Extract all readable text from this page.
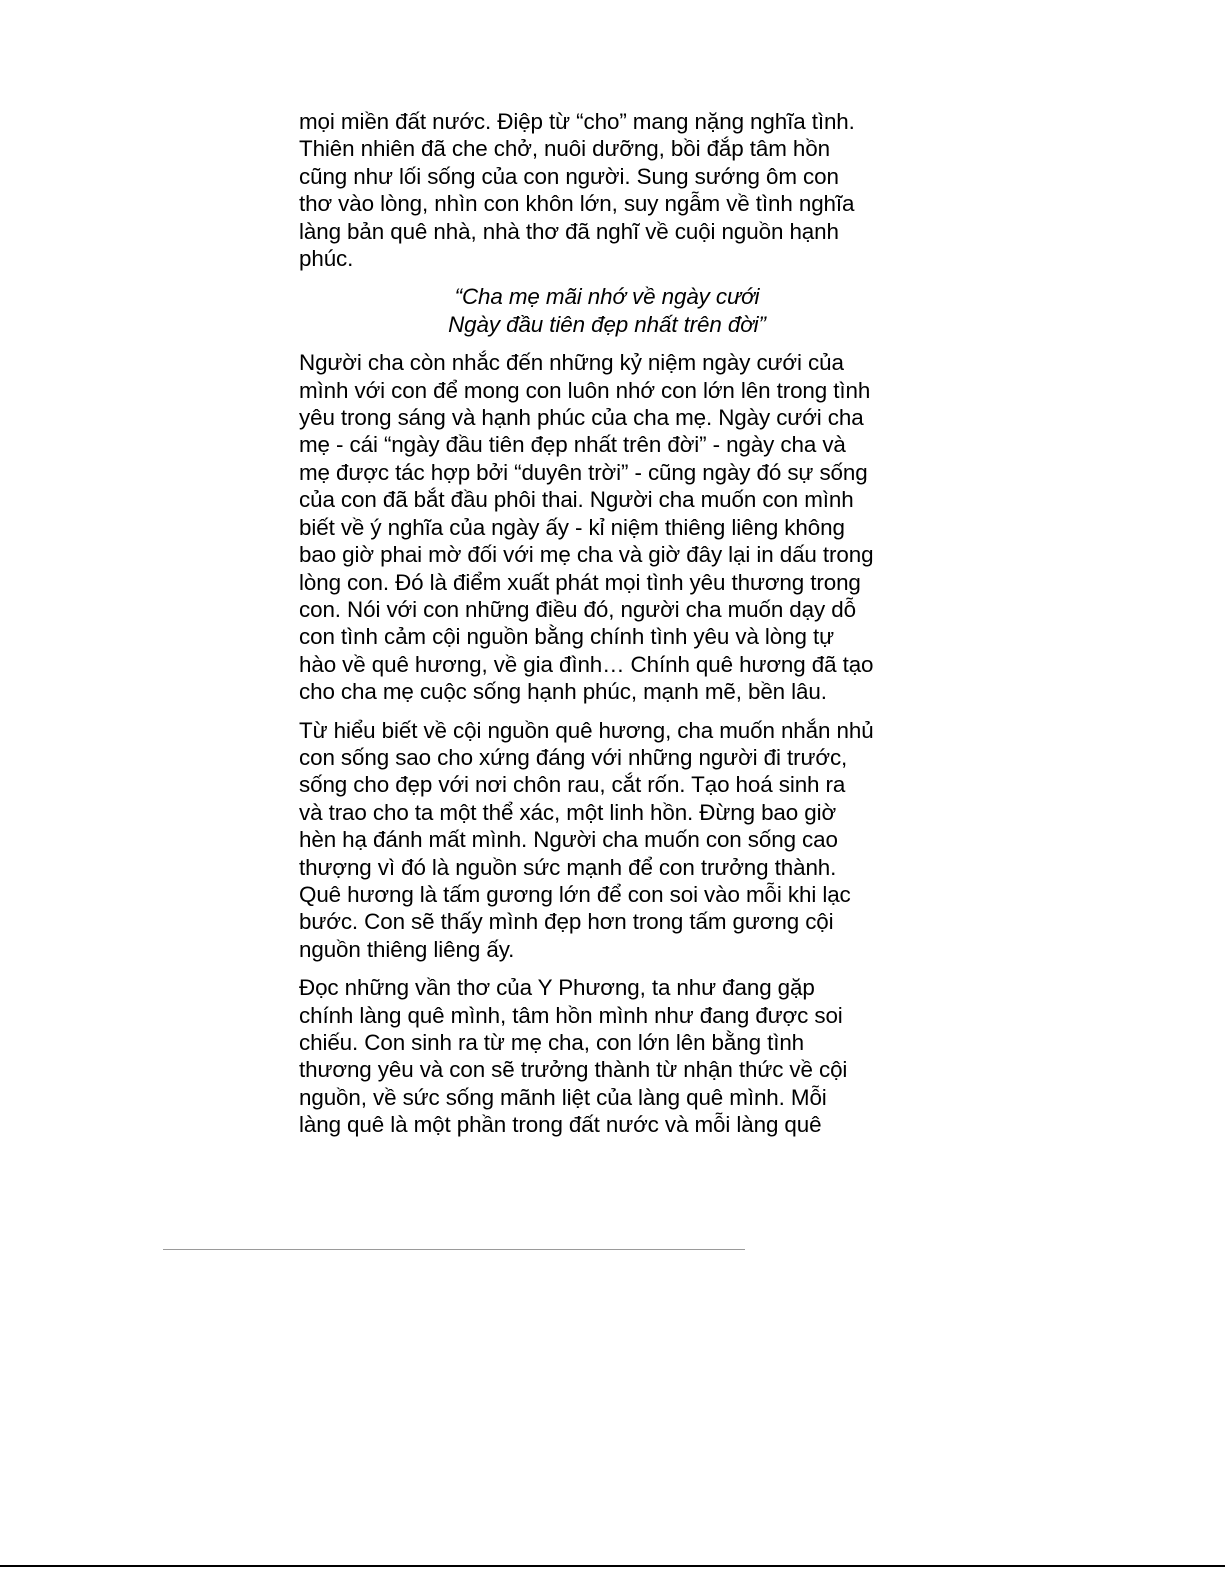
mọi miền đất nước. Điệp từ “cho” mang nặng nghĩa tình.
Thiên nhiên đã che chở, nuôi dưỡng, bồi đắp tâm hồn
cũng như lối sống của con người. Sung sướng ôm con
thơ vào lòng, nhìn con khôn lớn, suy ngẫm về tình nghĩa
làng bản quê nhà, nhà thơ đã nghĩ về cuội nguồn hạnh
phúc.

“Cha mẹ mãi nhớ về ngày cưới
Ngày đầu tiên đẹp nhất trên đời”

Người cha còn nhắc đến những kỷ niệm ngày cưới của
mình với con để mong con luôn nhớ con lớn lên trong tình
yêu trong sáng và hạnh phúc của cha mẹ. Ngày cưới cha
mẹ - cái “ngày đầu tiên đẹp nhất trên đời” - ngày cha và
mẹ được tác hợp bởi “duyên trời” - cũng ngày đó sự sống
của con đã bắt đầu phôi thai. Người cha muốn con mình
biết về ý nghĩa của ngày ấy - kỉ niệm thiêng liêng không
bao giờ phai mờ đối với mẹ cha và giờ đây lại in dấu trong
lòng con. Đó là điểm xuất phát mọi tình yêu thương trong
con. Nói với con những điều đó, người cha muốn dạy dỗ
con tình cảm cội nguồn bằng chính tình yêu và lòng tự
hào về quê hương, về gia đình… Chính quê hương đã tạo
cho cha mẹ cuộc sống hạnh phúc, mạnh mẽ, bền lâu.

Từ hiểu biết về cội nguồn quê hương, cha muốn nhắn nhủ
con sống sao cho xứng đáng với những người đi trước,
sống cho đẹp với nơi chôn rau, cắt rốn. Tạo hoá sinh ra
và trao cho ta một thể xác, một linh hồn. Đừng bao giờ
hèn hạ đánh mất mình. Người cha muốn con sống cao
thượng vì đó là nguồn sức mạnh để con trưởng thành.
Quê hương là tấm gương lớn để con soi vào mỗi khi lạc
bước. Con sẽ thấy mình đẹp hơn trong tấm gương cội
nguồn thiêng liêng ấy.

Đọc những vần thơ của Y Phương, ta như đang gặp
chính làng quê mình, tâm hồn mình như đang được soi
chiếu. Con sinh ra từ mẹ cha, con lớn lên bằng tình
thương yêu và con sẽ trưởng thành từ nhận thức về cội
nguồn, về sức sống mãnh liệt của làng quê mình. Mỗi
làng quê là một phần trong đất nước và mỗi làng quê
